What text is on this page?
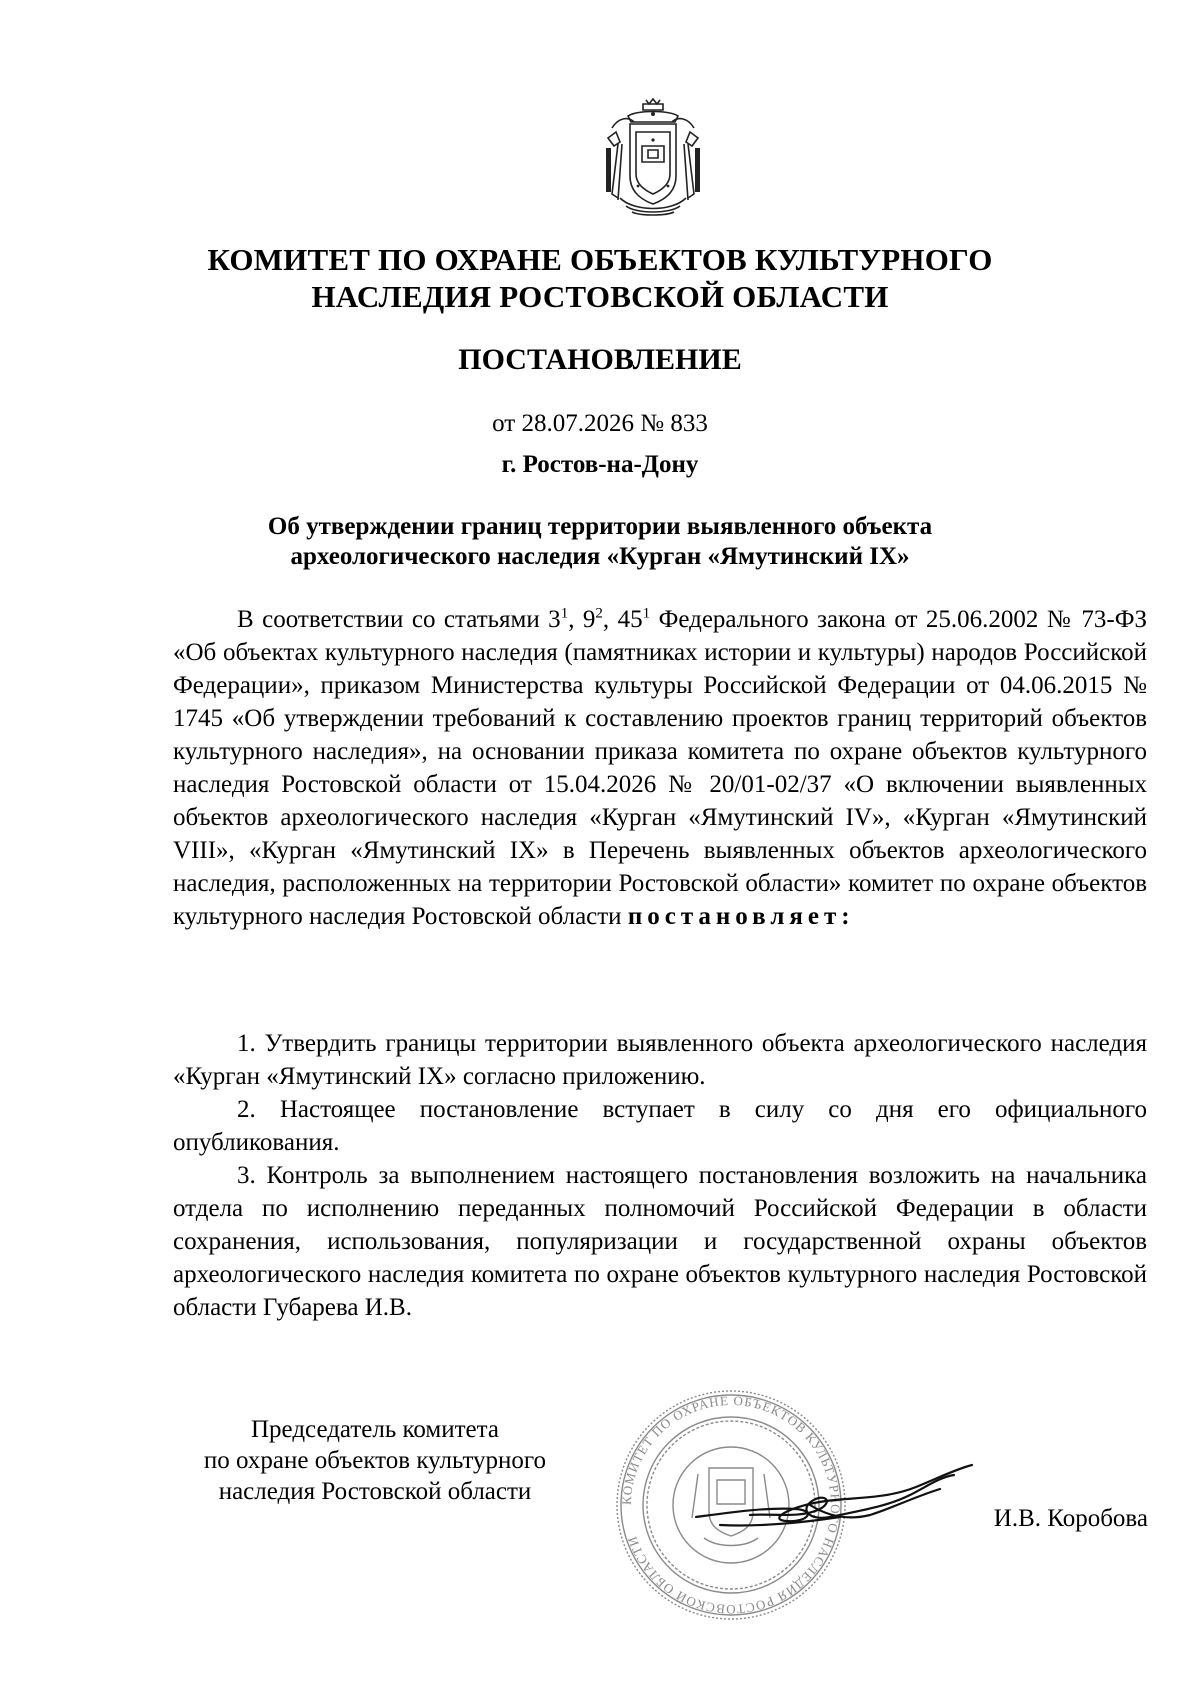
КОМИТЕТ ПО ОХРАНЕ ОБЪЕКТОВ КУЛЬТУРНОГО
НАСЛЕДИЯ РОСТОВСКОЙ ОБЛАСТИ
ПОСТАНОВЛЕНИЕ
от 28.07.2026 № 833
г. Ростов-на-Дону
Об утверждении границ территории выявленного объекта
археологического наследия «Курган «Ямутинский IX»

В соответствии со статьями $3^1$, $9^2$, $45^1$ Федерального закона от 25.06.2002 № 73-ФЗ «Об объектах культурного наследия (памятниках истории и культуры) народов Российской Федерации», приказом Министерства культуры Российской Федерации от 04.06.2015 № 1745 «Об утверждении требований к составлению проектов границ территорий объектов культурного наследия», на основании приказа комитета по охране объектов культурного наследия Ростовской области от 15.04.2026 № 20/01-02/37 «О включении выявленных объектов археологического наследия «Курган «Ямутинский IV», «Курган «Ямутинский VIII», «Курган «Ямутинский IX» в Перечень выявленных объектов археологического наследия, расположенных на территории Ростовской области» комитет по охране объектов культурного наследия Ростовской области постановляет:

1. Утвердить границы территории выявленного объекта археологического наследия «Курган «Ямутинский IX» согласно приложению.

2. Настоящее постановление вступает в силу со дня его официального опубликования.

3. Контроль за выполнением настоящего постановления возложить на начальника отдела по исполнению переданных полномочий Российской Федерации в области сохранения, использования, популяризации и государственной охраны объектов археологического наследия комитета по охране объектов культурного наследия Ростовской области Губарева И.В.

Председатель комитета
по охране объектов культурного
наследия Ростовской области	КОМИТЕТ ПО ОХРАНЕ ОБЪЕКТОВ КУЛЬТУРНОГО НАСЛЕДИЯ РОСТОВСКОЙ ОБЛАСТИ
И.В. Коробова
